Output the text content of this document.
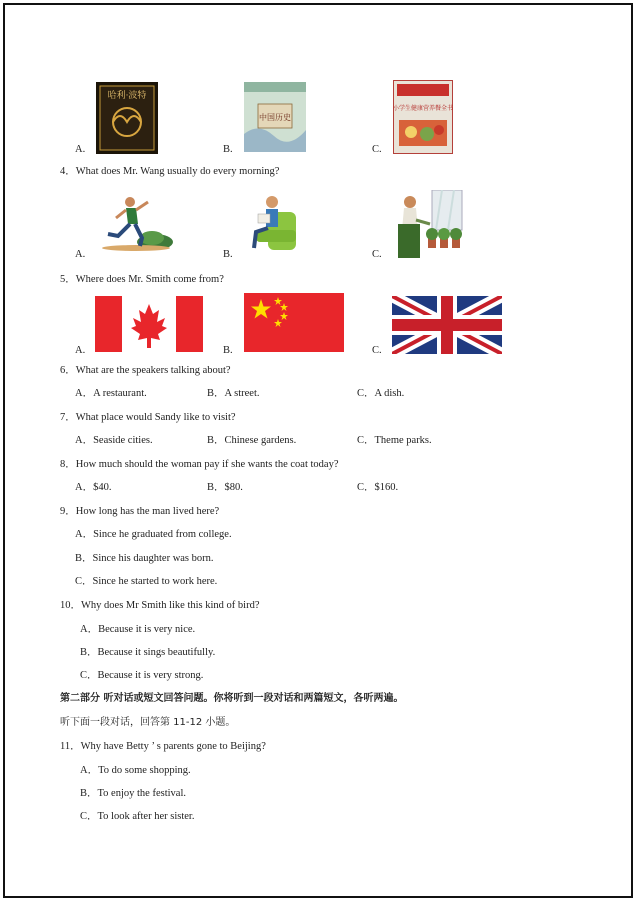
哈利·波特
中国历史
小学生健康营养餐全书
A.	B.	C.
4．What does Mr. Wang usually do every morning?
A.	B.	C.
5．Where does Mr. Smith come from?
A.	B.	C.
6．What are the speakers talking about?
A．A restaurant.	B．A street.	C．A dish.
7．What place would Sandy like to visit?
A．Seaside cities.	B．Chinese gardens.	C．Theme parks.
8．How much should the woman pay if she wants the coat today?
A．$40.	B．$80.	C．$160.
9．How long has the man lived here?
A．Since he graduated from college.
B．Since his daughter was born.
C．Since he started to work here.
10．Why does Mr Smith like this kind of bird?
A．Because it is very nice.
B．Because it sings beautifully.
C．Because it is very strong.
第二部分 听对话或短文回答问题。你将听到一段对话和两篇短文，各听两遍。
听下面一段对话，回答第 11-12 小题。
11．Why have Betty ’ s parents gone to Beijing?
A．To do some shopping.
B．To enjoy the festival.
C．To look after her sister.
